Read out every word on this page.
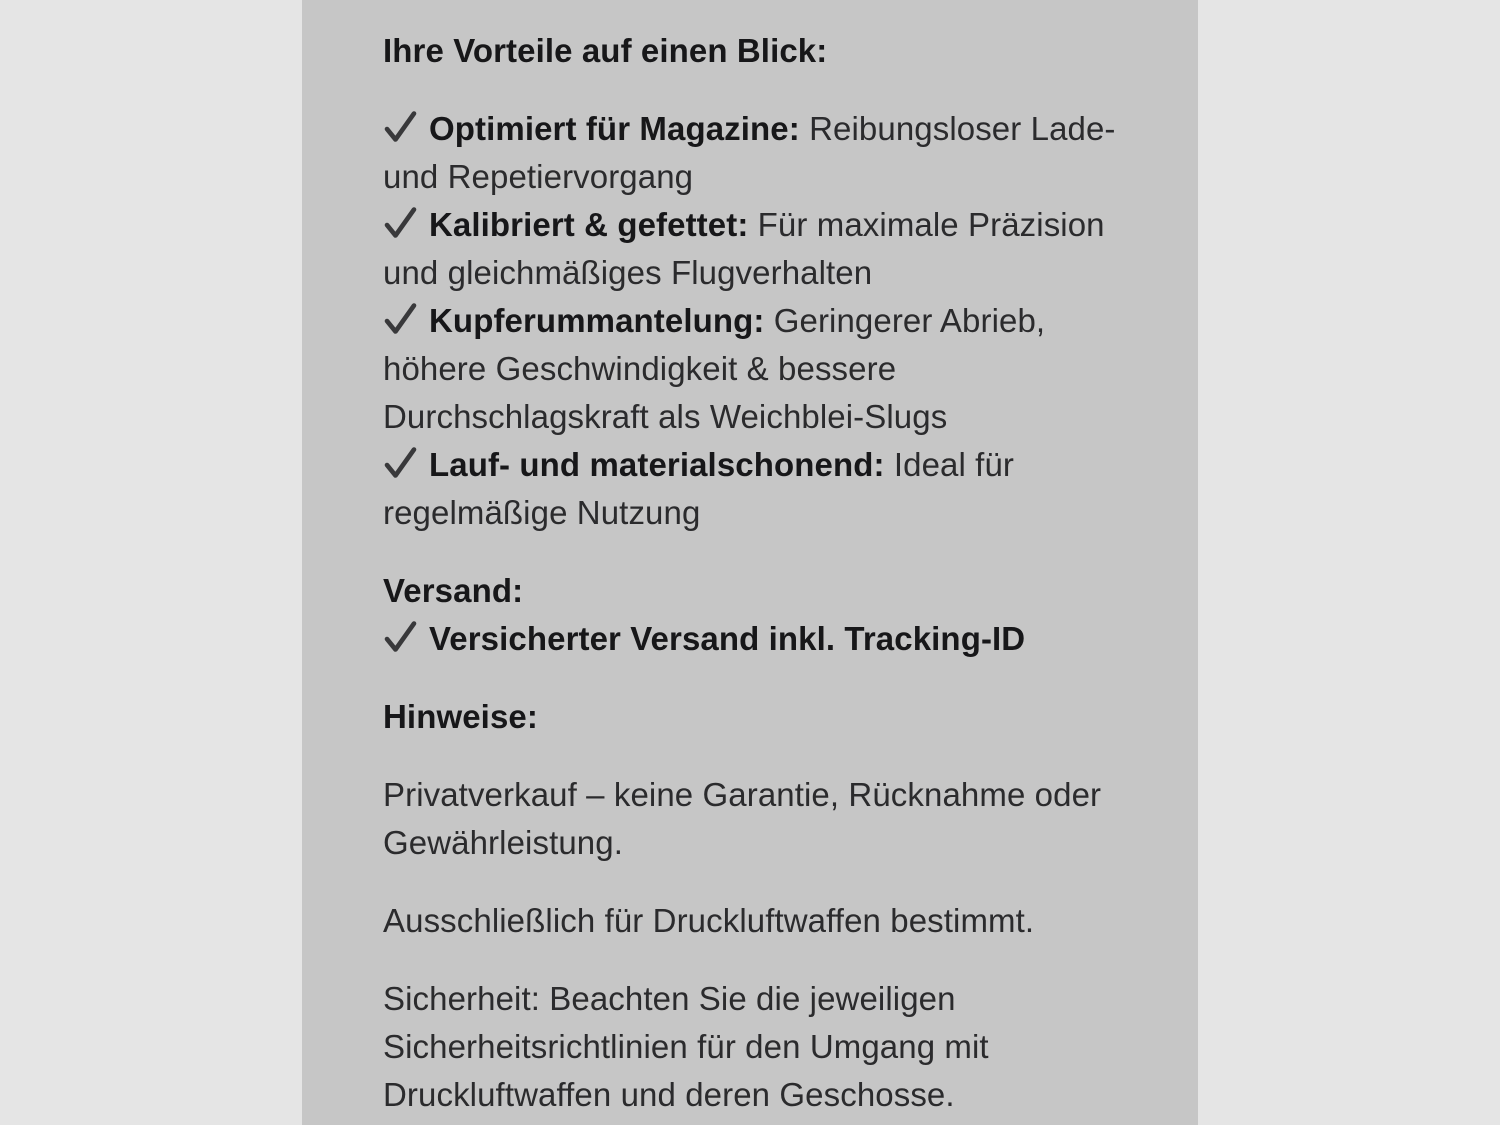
Ihre Vorteile auf einen Blick:
Optimiert für Magazine: Reibungsloser Lade-
und Repetiervorgang
Kalibriert & gefettet: Für maximale Präzision
und gleichmäßiges Flugverhalten
Kupferummantelung: Geringerer Abrieb,
höhere Geschwindigkeit & bessere
Durchschlagskraft als Weichblei-Slugs
Lauf- und materialschonend: Ideal für
regelmäßige Nutzung
Versand:
Versicherter Versand inkl. Tracking-ID
Hinweise:
Privatverkauf – keine Garantie, Rücknahme oder
Gewährleistung.
Ausschließlich für Druckluftwaffen bestimmt.
Sicherheit: Beachten Sie die jeweiligen
Sicherheitsrichtlinien für den Umgang mit
Druckluftwaffen und deren Geschosse.
